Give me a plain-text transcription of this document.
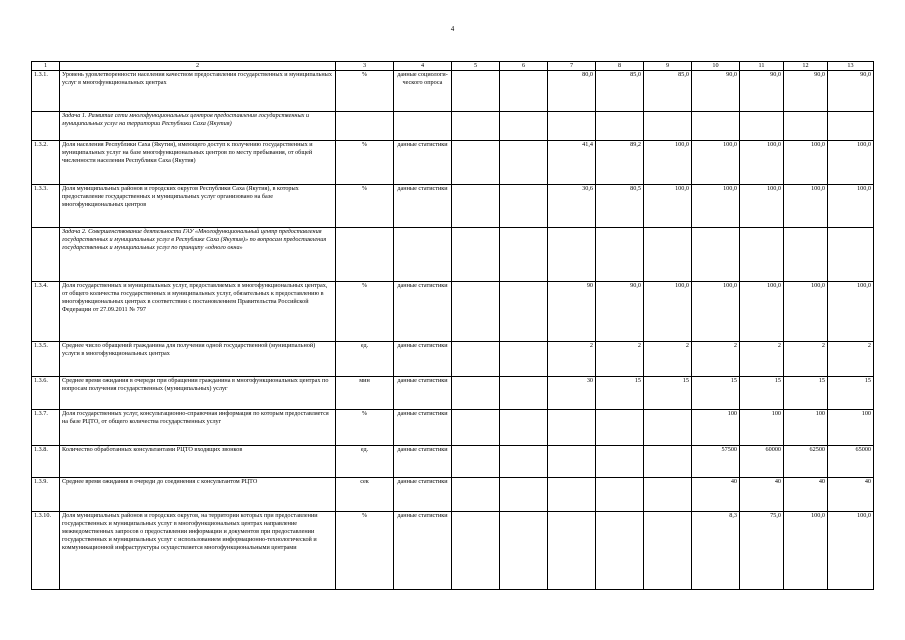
4
1	2	3	4	5	6	7	8	9	10	11	12	13
1.3.1.	Уровень удовлетворенности населения качеством предоставления государственных и муниципальных услуг в многофункциональных центрах	%	данные социологи-ческого опроса			80,0	85,0	85,0	90,0	90,0	90,0	90,0
	Задача 1. Развитие сети многофункциональных центров предоставления государственных и муниципальных услуг на территории Республики Саха (Якутия)											
1.3.2.	Доля населения Республики Саха (Якутия), имеющего доступ к получению государственных и муниципальных услуг на базе многофункциональных центров по месту пребывания, от общей численности населения Республики Саха (Якутия)	%	данные статистики			41,4	89,2	100,0	100,0	100,0	100,0	100,0
1.3.3.	Доля муниципальных районов и городских округов Республики Саха (Якутия), в которых предоставление государственных и муниципальных услуг организовано на базе многофункциональных центров	%	данные статистики			30,6	80,5	100,0	100,0	100,0	100,0	100,0
	Задача 2. Совершенствование деятельности ГАУ «Многофункциональный центр предоставления государственных и муниципальных услуг в Республике Саха (Якутия)» по вопросам предоставления государственных и муниципальных услуг по принципу «одного окна»											
1.3.4.	Доля государственных и муниципальных услуг, предоставляемых в многофункциональных центрах, от общего количества государственных и муниципальных услуг, обязательных к предоставлению в многофункциональных центрах в соответствии с постановлением Правительства Российской Федерации от 27.09.2011 № 797	%	данные статистики			90	90,0	100,0	100,0	100,0	100,0	100,0
1.3.5.	Среднее число обращений гражданина для получения одной государственной (муниципальной) услуги в многофункциональных центрах	ед.	данные статистики			2	2	2	2	2	2	2
1.3.6.	Среднее время ожидания в очереди при обращении гражданина в многофункциональных центрах по вопросам получения государственных (муниципальных) услуг	мин	данные статистики			30	15	15	15	15	15	15
1.3.7.	Доля государственных услуг, консультационно-справочная информация по которым предоставляется на базе РЦТО, от общего количества государственных услуг	%	данные статистики						100	100	100	100
1.3.8.	Количество обработанных консультантами РЦТО входящих звонков	ед.	данные статистики						57500	60000	62500	65000
1.3.9.	Среднее время ожидания в очереди до соединения с консультантом РЦТО	сек	данные статистики						40	40	40	40
1.3.10.	Доля муниципальных районов и городских округов, на территории которых при предоставлении государственных и муниципальных услуг в многофункциональных центрах направление межведомственных запросов о предоставлении информации и документов при предоставлении государственных и муниципальных услуг с использованием информационно-технологической и коммуникационной инфраструктуры осуществляется многофункциональными центрами	%	данные статистики						8,3	75,0	100,0	100,0
